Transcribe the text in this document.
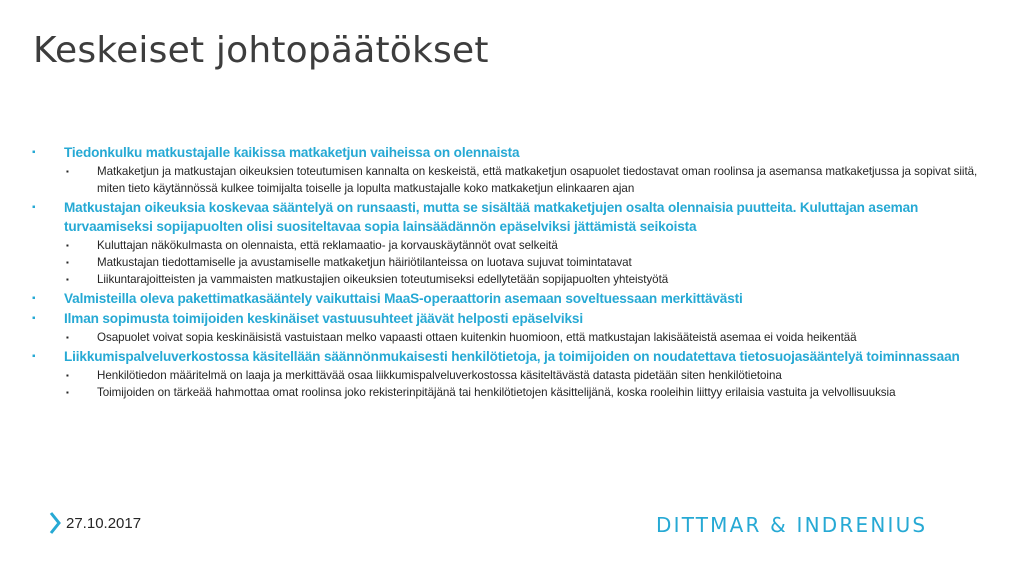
Keskeiset johtopäätökset
▪ Tiedonkulku matkustajalle kaikissa matkaketjun vaiheissa on olennaista
▪ Matkaketjun ja matkustajan oikeuksien toteutumisen kannalta on keskeistä, että matkaketjun osapuolet tiedostavat oman roolinsa ja asemansa matkaketjussa ja sopivat siitä, miten tieto käytännössä kulkee toimijalta toiselle ja lopulta matkustajalle koko matkaketjun elinkaaren ajan
▪ Matkustajan oikeuksia koskevaa sääntelyä on runsaasti, mutta se sisältää matkaketjujen osalta olennaisia puutteita. Kuluttajan aseman turvaamiseksi sopijapuolten olisi suositeltavaa sopia lainsäädännön epäselviksi jättämistä seikoista
▪ Kuluttajan näkökulmasta on olennaista, että reklamaatio- ja korvauskäytännöt ovat selkeitä
▪ Matkustajan tiedottamiselle ja avustamiselle matkaketjun häiriötilanteissa on luotava sujuvat toimintatavat
▪ Liikuntarajoitteisten ja vammaisten matkustajien oikeuksien toteutumiseksi edellytetään sopijapuolten yhteistyötä
▪ Valmisteilla oleva pakettimatkasääntely vaikuttaisi MaaS-operaattorin asemaan soveltuessaan merkittävästi
▪ Ilman sopimusta toimijoiden keskinäiset vastuusuhteet jäävät helposti epäselviksi
▪ Osapuolet voivat sopia keskinäisistä vastuistaan melko vapaasti ottaen kuitenkin huomioon, että matkustajan lakisääteistä asemaa ei voida heikentää
▪ Liikkumispalveluverkostossa käsitellään säännönmukaisesti henkilötietoja, ja toimijoiden on noudatettava tietosuojasääntelyä toiminnassaan
▪ Henkilötiedon määritelmä on laaja ja merkittävää osaa liikkumispalveluverkostossa käsiteltävästä datasta pidetään siten henkilötietoina
▪ Toimijoiden on tärkeää hahmottaa omat roolinsa joko rekisterinpitäjänä tai henkilötietojen käsittelijänä, koska rooleihin liittyy erilaisia vastuita ja velvollisuuksia
27.10.2017	DITTMAR & INDRENIUS
